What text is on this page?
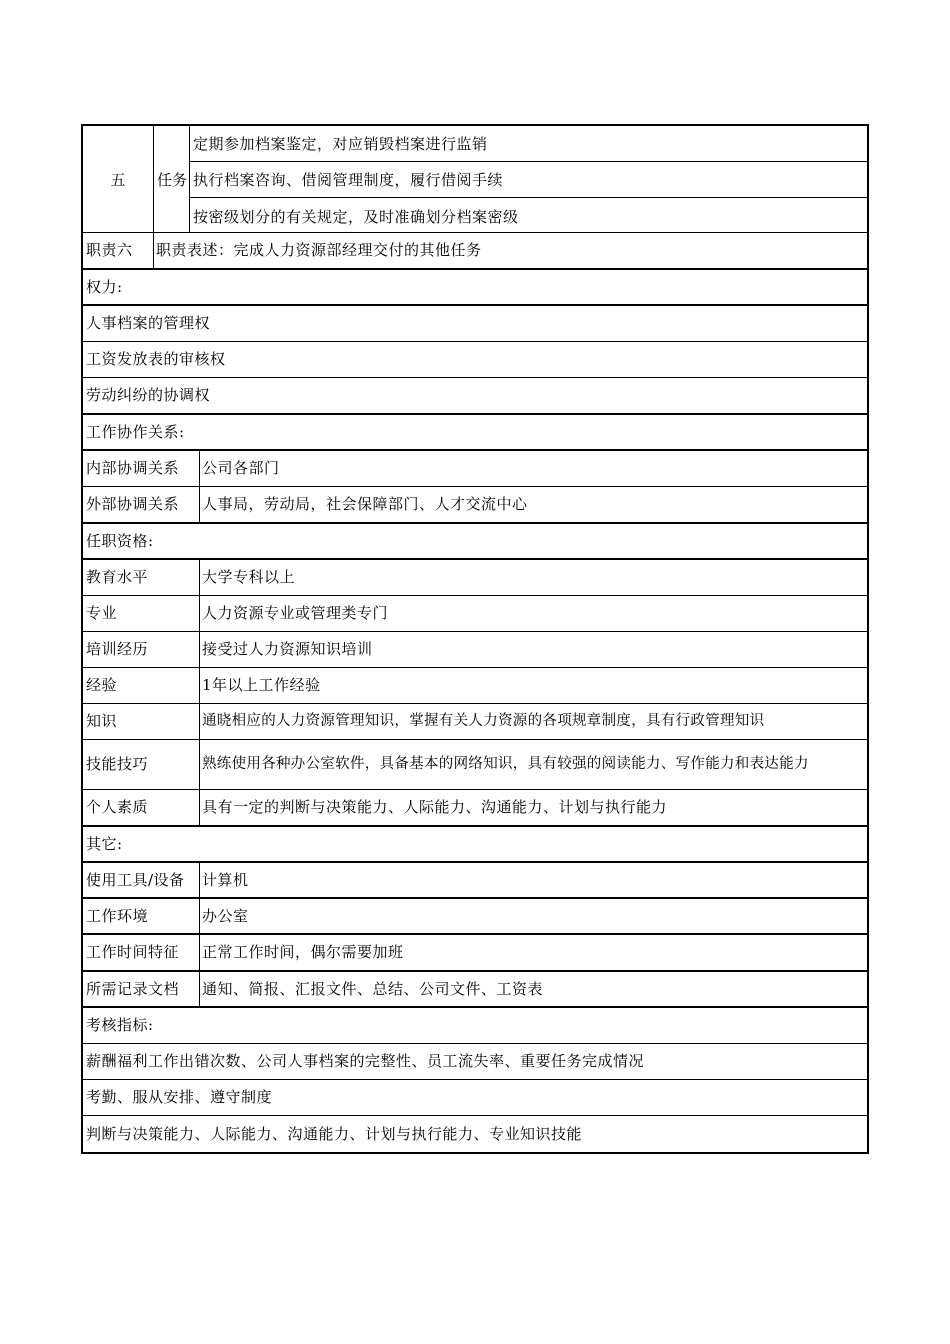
五	任务
定期参加档案鉴定，对应销毁档案进行监销
执行档案咨询、借阅管理制度，履行借阅手续
按密级划分的有关规定，及时准确划分档案密级
职责六	职责表述：完成人力资源部经理交付的其他任务
权力:
人事档案的管理权
工资发放表的审核权
劳动纠纷的协调权
工作协作关系:
内部协调关系	公司各部门
外部协调关系	人事局，劳动局，社会保障部门、人才交流中心
任职资格:
教育水平	大学专科以上
专业	人力资源专业或管理类专门
培训经历	接受过人力资源知识培训
经验	1年以上工作经验
知识	通晓相应的人力资源管理知识，掌握有关人力资源的各项规章制度，具有行政管理知识
技能技巧	熟练使用各种办公室软件，具备基本的网络知识，具有较强的阅读能力、写作能力和表达能力
个人素质	具有一定的判断与决策能力、人际能力、沟通能力、计划与执行能力
其它:
使用工具/设备	计算机
工作环境	办公室
工作时间特征	正常工作时间，偶尔需要加班
所需记录文档	通知、简报、汇报文件、总结、公司文件、工资表
考核指标:
薪酬福利工作出错次数、公司人事档案的完整性、员工流失率、重要任务完成情况
考勤、服从安排、遵守制度
判断与决策能力、人际能力、沟通能力、计划与执行能力、专业知识技能
